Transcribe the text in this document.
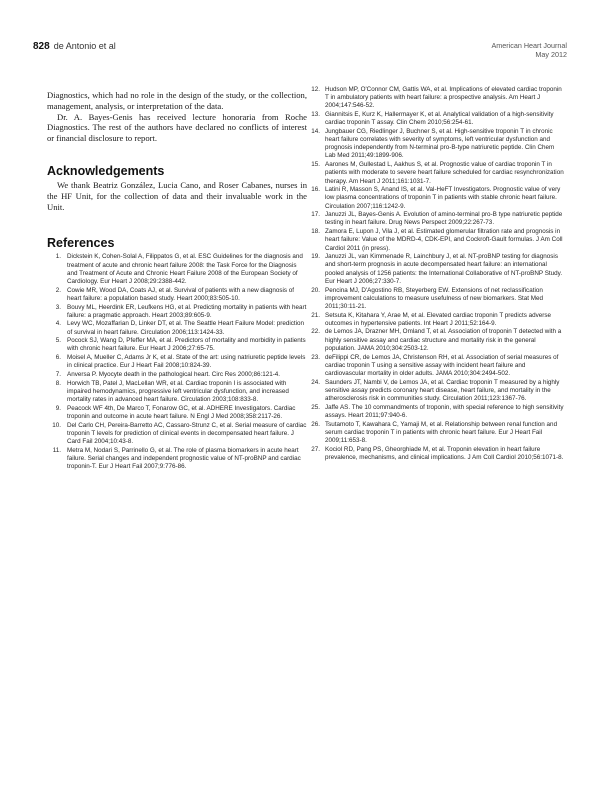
828 de Antonio et al	American Heart Journal
May 2012

Diagnostics, which had no role in the design of the study, or the collection, management, analysis, or interpretation of the data.

Dr. A. Bayes-Genis has received lecture honoraria from Roche Diagnostics. The rest of the authors have declared no conflicts of interest or financial disclosure to report.

Acknowledgements

We thank Beatriz González, Lucia Cano, and Roser Cabanes, nurses in the HF Unit, for the collection of data and their invaluable work in the Unit.

References
1. Dickstein K, Cohen-Solal A, Filippatos G, et al. ESC Guidelines for the diagnosis and treatment of acute and chronic heart failure 2008: the Task Force for the Diagnosis and Treatment of Acute and Chronic Heart Failure 2008 of the European Society of Cardiology. Eur Heart J 2008;29:2388-442.
2. Cowie MR, Wood DA, Coats AJ, et al. Survival of patients with a new diagnosis of heart failure: a population based study. Heart 2000;83:505-10.
3. Bouvy ML, Heerdink ER, Leufkens HG, et al. Predicting mortality in patients with heart failure: a pragmatic approach. Heart 2003;89:605-9.
4. Levy WC, Mozaffarian D, Linker DT, et al. The Seattle Heart Failure Model: prediction of survival in heart failure. Circulation 2006;113:1424-33.
5. Pocock SJ, Wang D, Pfeffer MA, et al. Predictors of mortality and morbidity in patients with chronic heart failure. Eur Heart J 2006;27:65-75.
6. Moisel A, Mueller C, Adams Jr K, et al. State of the art: using natriuretic peptide levels in clinical practice. Eur J Heart Fail 2008;10:824-39.
7. Anversa P. Myocyte death in the pathological heart. Circ Res 2000;86:121-4.
8. Horwich TB, Patel J, MacLellan WR, et al. Cardiac troponin I is associated with impaired hemodynamics, progressive left ventricular dysfunction, and increased mortality rates in advanced heart failure. Circulation 2003;108:833-8.
9. Peacock WF 4th, De Marco T, Fonarow GC, et al. ADHERE Investigators. Cardiac troponin and outcome in acute heart failure. N Engl J Med 2008;358:2117-26.
10. Del Carlo CH, Pereira-Barretto AC, Cassaro-Strunz C, et al. Serial measure of cardiac troponin T levels for prediction of clinical events in decompensated heart failure. J Card Fail 2004;10:43-8.
11. Metra M, Nodari S, Parrinello G, et al. The role of plasma biomarkers in acute heart failure. Serial changes and independent prognostic value of NT-proBNP and cardiac troponin-T. Eur J Heart Fail 2007;9:776-86.
12. Hudson MP, O'Connor CM, Gattis WA, et al. Implications of elevated cardiac troponin T in ambulatory patients with heart failure: a prospective analysis. Am Heart J 2004;147:546-52.
13. Giannitsis E, Kurz K, Hallermayer K, et al. Analytical validation of a high-sensitivity cardiac troponin T assay. Clin Chem 2010;56:254-61.
14. Jungbauer CG, Riedlinger J, Buchner S, et al. High-sensitive troponin T in chronic heart failure correlates with severity of symptoms, left ventricular dysfunction and prognosis independently from N-terminal pro-B-type natriuretic peptide. Clin Chem Lab Med 2011;49:1899-906.
15. Aarones M, Gullestad L, Aakhus S, et al. Prognostic value of cardiac troponin T in patients with moderate to severe heart failure scheduled for cardiac resynchronization therapy. Am Heart J 2011;161:1031-7.
16. Latini R, Masson S, Anand IS, et al. Val-HeFT Investigators. Prognostic value of very low plasma concentrations of troponin T in patients with stable chronic heart failure. Circulation 2007;116:1242-9.
17. Januzzi JL, Bayes-Genis A. Evolution of amino-terminal pro-B type natriuretic peptide testing in heart failure. Drug News Perspect 2009;22:267-73.
18. Zamora E, Lupon J, Vila J, et al. Estimated glomerular filtration rate and prognosis in heart failure: Value of the MDRD-4, CDK-EPI, and Cockroft-Gault formulas. J Am Coll Cardiol 2011 (in press).
19. Januzzi JL, van Kimmenade R, Lainchbury J, et al. NT-proBNP testing for diagnosis and short-term prognosis in acute decompensated heart failure: an international pooled analysis of 1256 patients: the International Collaborative of NT-proBNP Study. Eur Heart J 2006;27:330-7.
20. Pencina MJ, D'Agostino RB, Steyerberg EW. Extensions of net reclassification improvement calculations to measure usefulness of new biomarkers. Stat Med 2011;30:11-21.
21. Setsuta K, Kitahara Y, Arae M, et al. Elevated cardiac troponin T predicts adverse outcomes in hypertensive patients. Int Heart J 2011;52:164-9.
22. de Lemos JA, Drazner MH, Omland T, et al. Association of troponin T detected with a highly sensitive assay and cardiac structure and mortality risk in the general population. JAMA 2010;304:2503-12.
23. deFilippi CR, de Lemos JA, Christenson RH, et al. Association of serial measures of cardiac troponin T using a sensitive assay with incident heart failure and cardiovascular mortality in older adults. JAMA 2010;304:2494-502.
24. Saunders JT, Nambi V, de Lemos JA, et al. Cardiac troponin T measured by a highly sensitive assay predicts coronary heart disease, heart failure, and mortality in the atherosclerosis risk in communities study. Circulation 2011;123:1367-76.
25. Jaffe AS. The 10 commandments of troponin, with special reference to high sensitivity assays. Heart 2011;97:940-6.
26. Tsutamoto T, Kawahara C, Yamaji M, et al. Relationship between renal function and serum cardiac troponin T in patients with chronic heart failure. Eur J Heart Fail 2009;11:653-8.
27. Kociol RD, Pang PS, Gheorghiade M, et al. Troponin elevation in heart failure prevalence, mechanisms, and clinical implications. J Am Coll Cardiol 2010;56:1071-8.
